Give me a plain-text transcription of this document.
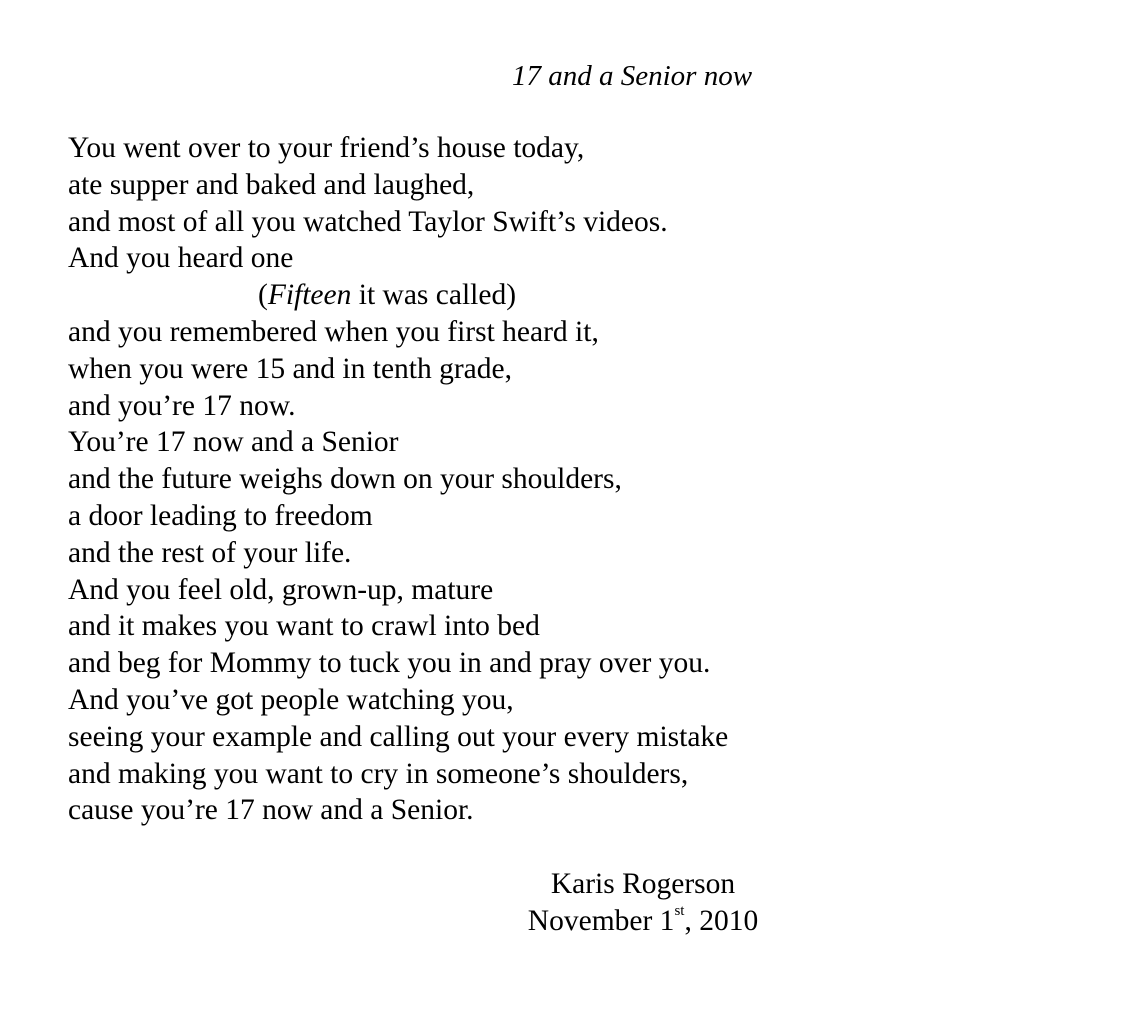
17 and a Senior now
You went over to your friend’s house today,
ate supper and baked and laughed,
and most of all you watched Taylor Swift’s videos.
And you heard one
(Fifteen it was called)
and you remembered when you first heard it,
when you were 15 and in tenth grade,
and you’re 17 now.
You’re 17 now and a Senior
and the future weighs down on your shoulders,
a door leading to freedom
and the rest of your life.
And you feel old, grown-up, mature
and it makes you want to crawl into bed
and beg for Mommy to tuck you in and pray over you.
And you’ve got people watching you,
seeing your example and calling out your every mistake
and making you want to cry in someone’s shoulders,
cause you’re 17 now and a Senior.
Karis Rogerson
November 1st, 2010
